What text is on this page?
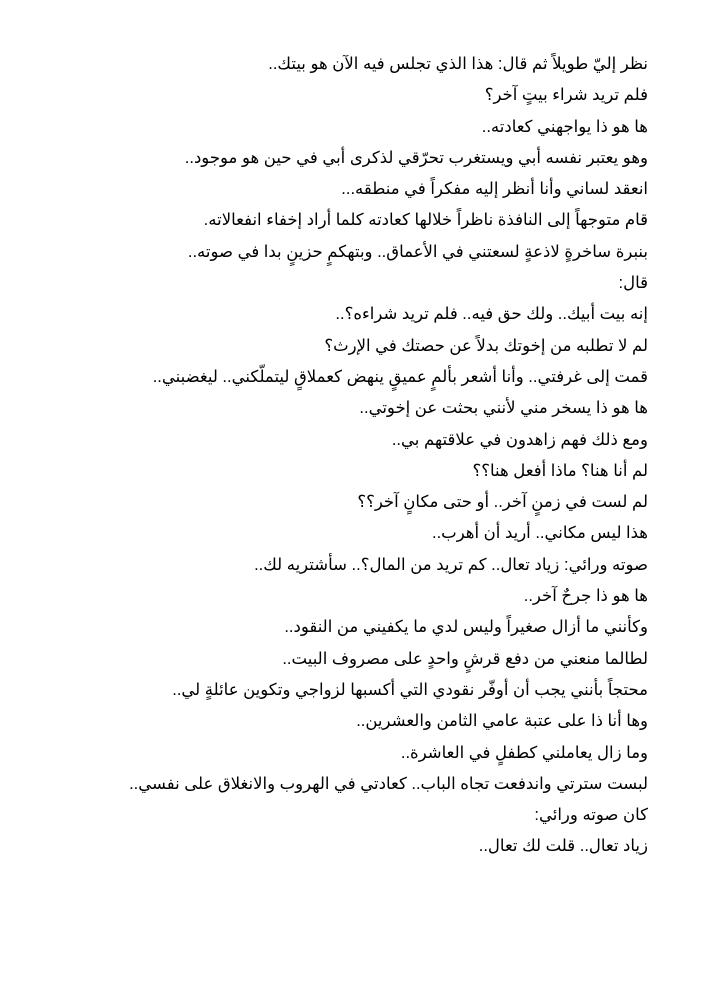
نظر إليّ طويلاً ثم قال: هذا الذي تجلس فيه الآن هو بيتك..

فلم تريد شراء بيتٍ آخر؟

ها هو ذا يواجهني كعادته..

وهو يعتبر نفسه أبي ويستغرب تحرّقي لذكرى أبي في حين هو موجود..

انعقد لساني وأنا أنظر إليه مفكراً في منطقه...

قام متوجهاً إلى النافذة ناظراً خلالها كعادته كلما أراد إخفاء انفعالاته.

بنبرة ساخرةٍ لاذعةٍ لسعتني في الأعماق.. وبتهكمٍ حزينٍ بدا في صوته..

قال:

إنه بيت أبيك.. ولك حق فيه.. فلم تريد شراءه؟..

لم لا تطلبه من إخوتك بدلاً عن حصتك في الإرث؟

قمت إلى غرفتي.. وأنا أشعر بألمٍ عميقٍ ينهض كعملاقٍ ليتملّكني.. ليغضبني..

ها هو ذا يسخر مني لأنني بحثت عن إخوتي..

ومع ذلك فهم زاهدون في علاقتهم بي..

لم أنا هنا؟ ماذا أفعل هنا؟؟

لم لست في زمنٍ آخر.. أو حتى مكانٍ آخر؟؟

هذا ليس مكاني.. أريد أن أهرب..

صوته ورائي: زياد تعال.. كم تريد من المال؟.. سأشتريه لك..

ها هو ذا جرحٌ آخر..

وكأنني ما أزال صغيراً وليس لدي ما يكفيني من النقود..

لطالما منعني من دفع قرشٍ واحدٍ على مصروف البيت..

محتجاً بأنني يجب أن أوفّر نقودي التي أكسبها لزواجي وتكوين عائلةٍ لي..

وها أنا ذا على عتبة عامي الثامن والعشرين..

وما زال يعاملني كطفلٍ في العاشرة..

لبست سترتي واندفعت تجاه الباب.. كعادتي في الهروب والانغلاق على نفسي..

كان صوته ورائي:

زياد تعال.. قلت لك تعال..
